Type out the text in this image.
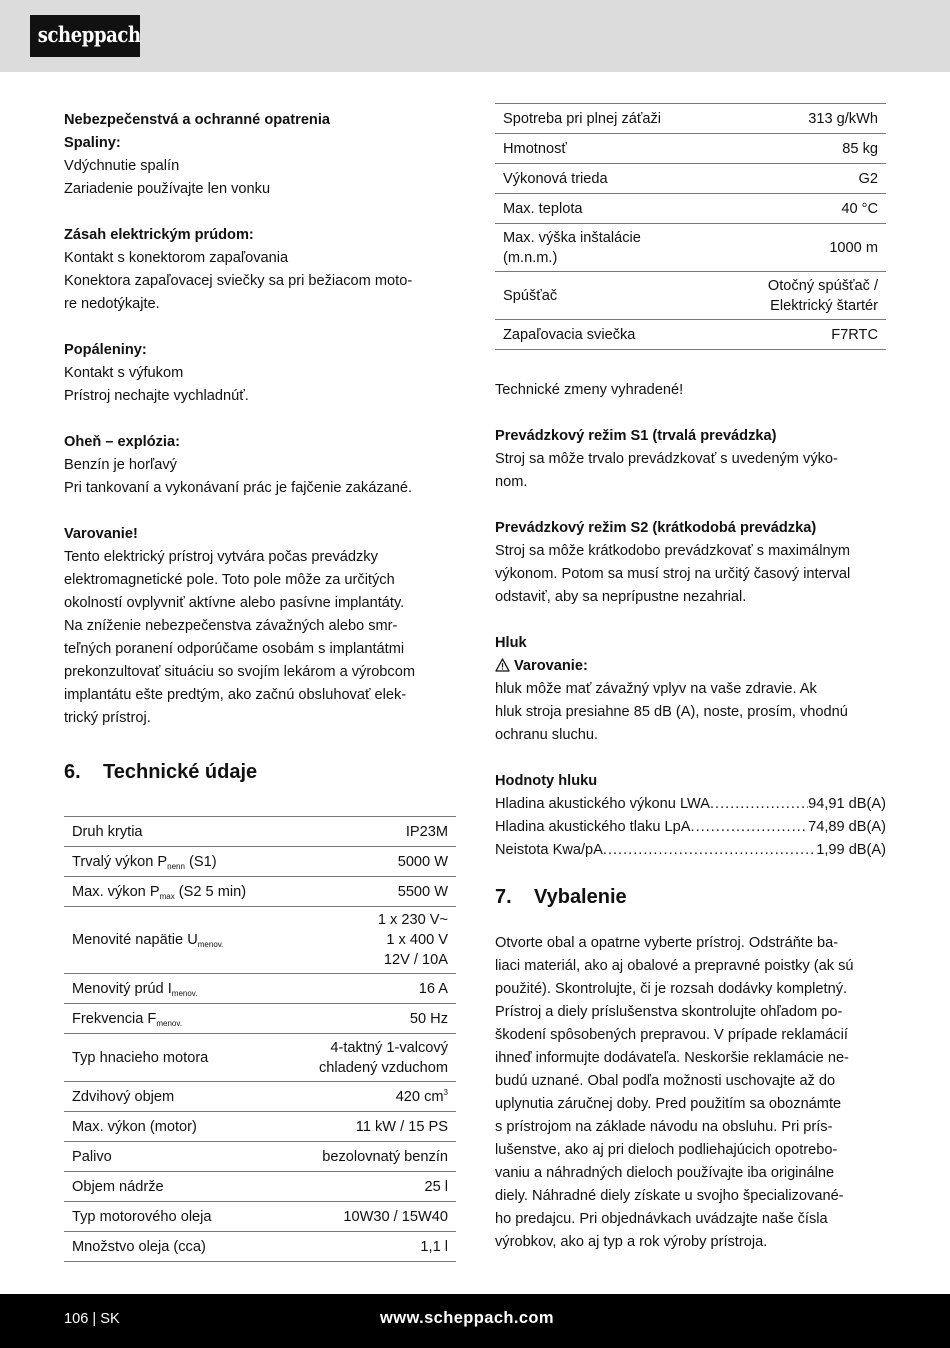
scheppach
Nebezpečenstvá a ochranné opatrenia
Spaliny:
Vdýchnutie spalín
Zariadenie používajte len vonku
Zásah elektrickým prúdom:
Kontakt s konektorom zapaľovania
Konektora zapaľovacej sviečky sa pri bežiacom moto-
re nedotýkajte.
Popáleniny:
Kontakt s výfukom
Prístroj nechajte vychladnúť.
Oheň – explózia:
Benzín je horľavý
Pri tankovaní a vykonávaní prác je fajčenie zakázané.
Varovanie!
Tento elektrický prístroj vytvára počas prevádzky
elektromagnetické pole. Toto pole môže za určitých
okolností ovplyvniť aktívne alebo pasívne implantáty.
Na zníženie nebezpečenstva závažných alebo smr-
teľných poranení odporúčame osobám s implantátmi
prekonzultovať situáciu so svojím lekárom a výrobcom
implantátu ešte predtým, ako začnú obsluhovať elek-
trický prístroj.
6.	Technické údaje
Druh krytia	IP23M
Trvalý výkon $P_{nenn}$ (S1)	5000 W
Max. výkon $P_{max}$ (S2 5 min)	5500 W
Menovité napätie $U_{menov.}$	1 x 230 V~
1 x 400 V
12V / 10A

Menovitý prúd $I_{menov.}$	16 A
Frekvencia $F_{menov.}$	50 Hz
Typ hnacieho motora	4-taktný 1-valcový
chladený vzduchom

Zdvihový objem	420 $cm^3$
Max. výkon (motor)	11 kW / 15 PS
Palivo	bezolovnatý benzín
Objem nádrže	25 l
Typ motorového oleja	10W30 / 15W40
Množstvo oleja (cca)	1,1 l
Spotreba pri plnej záťaži	313 g/kWh
Hmotnosť	85 kg
Výkonová trieda	G2
Max. teplota	40 °C

Max. výška inštalácie
(m.n.m.)	1000 m
Spúšťač	Otočný spúšťač /
Elektrický štartér

Zapaľovacia sviečka	F7RTC
Technické zmeny vyhradené!
Prevádzkový režim S1 (trvalá prevádzka)
Stroj sa môže trvalo prevádzkovať s uvedeným výko-
nom.
Prevádzkový režim S2 (krátkodobá prevádzka)
Stroj sa môže krátkodobo prevádzkovať s maximálnym
výkonom. Potom sa musí stroj na určitý časový interval
odstaviť, aby sa neprípustne nezahrial.
Hluk
Varovanie:
hluk môže mať závažný vplyv na vaše zdravie. Ak
hluk stroja presiahne 85 dB (A), noste, prosím, vhodnú
ochranu sluchu.
Hodnoty hluku
Hladina akustického výkonu LWA .....	94,91 dB(A)
Hladina akustického tlaku LpA .....	74,89 dB(A)
Neistota Kwa/pA .....	1,99 dB(A)
7.	Vybalenie
Otvorte obal a opatrne vyberte prístroj. Odstráňte ba-
liaci materiál, ako aj obalové a prepravné poistky (ak sú
použité). Skontrolujte, či je rozsah dodávky kompletný.
Prístroj a diely príslušenstva skontrolujte ohľadom po-
škodení spôsobených prepravou. V prípade reklamácií
ihneď informujte dodávateľa. Neskoršie reklamácie ne-
budú uznané. Obal podľa možnosti uschovajte až do
uplynutia záručnej doby. Pred použitím sa oboznámte
s prístrojom na základe návodu na obsluhu. Pri prís-
lušenstve, ako aj pri dieloch podliehajúcich opotrebo-
vaniu a náhradných dieloch používajte iba originálne
diely. Náhradné diely získate u svojho špecializované-
ho predajcu. Pri objednávkach uvádzajte naše čísla
výrobkov, ako aj typ a rok výroby prístroja.
106 | SK	www.scheppach.com
